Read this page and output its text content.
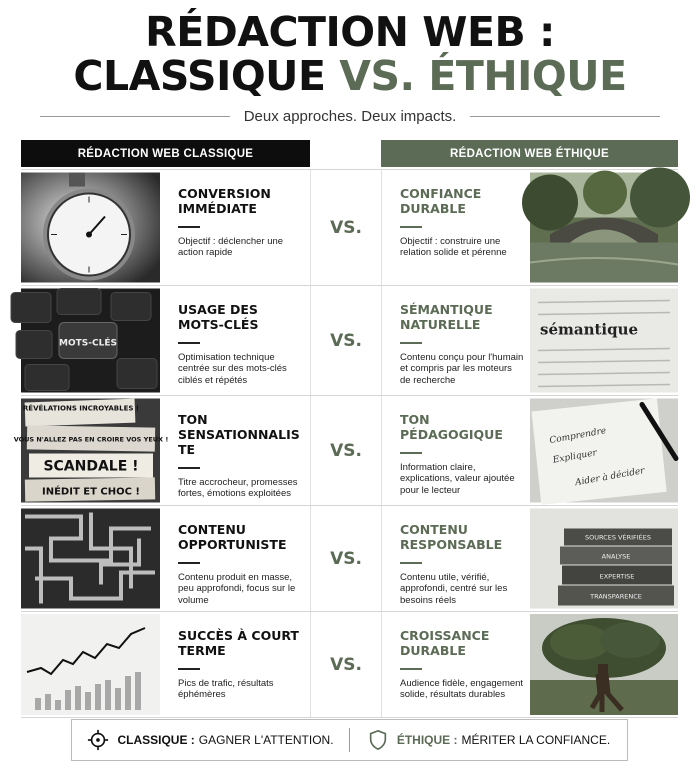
RÉDACTION WEB :
CLASSIQUE VS. ÉTHIQUE
Deux approches. Deux impacts.
RÉDACTION WEB CLASSIQUE	RÉDACTION WEB ÉTHIQUE
CONVERSION IMMÉDIATE
Objectif : déclencher une action rapide
VS.
CONFIANCE DURABLE
Objectif : construire une relation solide et pérenne
MOTS-CLÉS
USAGE DES MOTS-CLÉS
Optimisation technique centrée sur des mots-clés ciblés et répétés
VS.
SÉMANTIQUE NATURELLE
Contenu conçu pour l'humain et compris par les moteurs de recherche
sémantique
RÉVÉLATIONS INCROYABLES !
VOUS N'ALLEZ PAS EN CROIRE VOS YEUX !
SCANDALE !
INÉDIT ET CHOC !
TON SENSATIONNALISTE
Titre accrocheur, promesses fortes, émotions exploitées
VS.
TON PÉDAGOGIQUE
Information claire, explications, valeur ajoutée pour le lecteur
Comprendre
Expliquer
Aider à décider
CONTENU OPPORTUNISTE
Contenu produit en masse, peu approfondi, focus sur le volume
VS.
CONTENU RESPONSABLE
Contenu utile, vérifié, approfondi, centré sur les besoins réels
SOURCES VÉRIFIÉES
ANALYSE
EXPERTISE
TRANSPARENCE
SUCCÈS À COURT TERME
Pics de trafic, résultats éphémères
VS.
CROISSANCE DURABLE
Audience fidèle, engagement solide, résultats durables
CLASSIQUE : GAGNER L'ATTENTION.	ÉTHIQUE : MÉRITER LA CONFIANCE.
